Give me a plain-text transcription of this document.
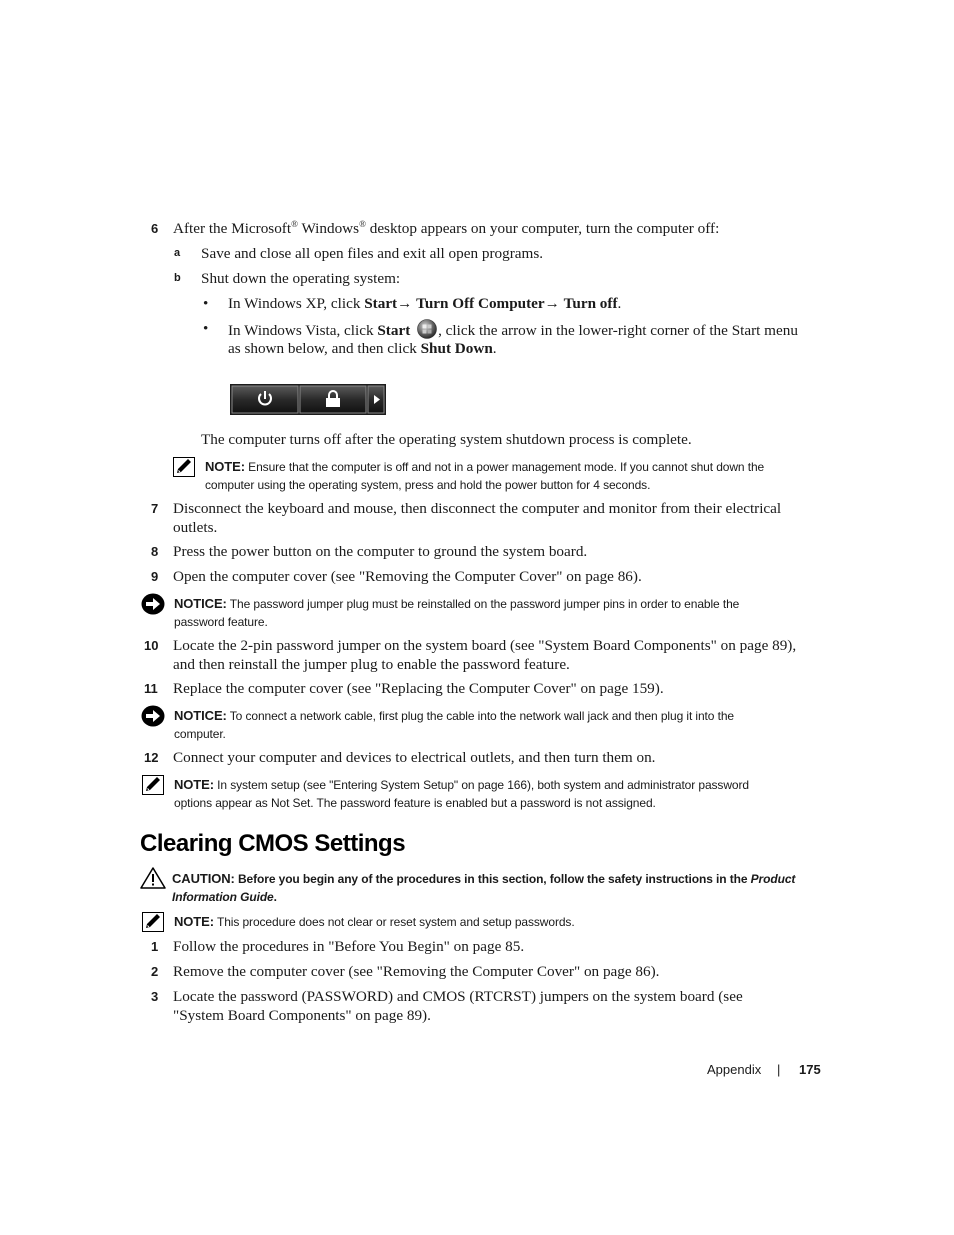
6 After the Microsoft® Windows® desktop appears on your computer, turn the computer off:
a Save and close all open files and exit all open programs.
b Shut down the operating system:
• In Windows XP, click Start→ Turn Off Computer→ Turn off.
• In Windows Vista, click Start , click the arrow in the lower-right corner of the Start menu
as shown below, and then click Shut Down.
The computer turns off after the operating system shutdown process is complete.
NOTE: Ensure that the computer is off and not in a power management mode. If you cannot shut down the
computer using the operating system, press and hold the power button for 4 seconds.
7 Disconnect the keyboard and mouse, then disconnect the computer and monitor from their electrical
outlets.
8 Press the power button on the computer to ground the system board.
9 Open the computer cover (see "Removing the Computer Cover" on page 86).
NOTICE: The password jumper plug must be reinstalled on the password jumper pins in order to enable the
password feature.
10 Locate the 2-pin password jumper on the system board (see "System Board Components" on page 89),
and then reinstall the jumper plug to enable the password feature.
11 Replace the computer cover (see "Replacing the Computer Cover" on page 159).
NOTICE: To connect a network cable, first plug the cable into the network wall jack and then plug it into the
computer.
12 Connect your computer and devices to electrical outlets, and then turn them on.
NOTE: In system setup (see "Entering System Setup" on page 166), both system and administrator password
options appear as Not Set. The password feature is enabled but a password is not assigned.
Clearing CMOS Settings
CAUTION: Before you begin any of the procedures in this section, follow the safety instructions in the Product
Information Guide.
NOTE: This procedure does not clear or reset system and setup passwords.
1 Follow the procedures in "Before You Begin" on page 85.
2 Remove the computer cover (see "Removing the Computer Cover" on page 86).
3 Locate the password (PASSWORD) and CMOS (RTCRST) jumpers on the system board (see
"System Board Components" on page 89).
Appendix | 175
